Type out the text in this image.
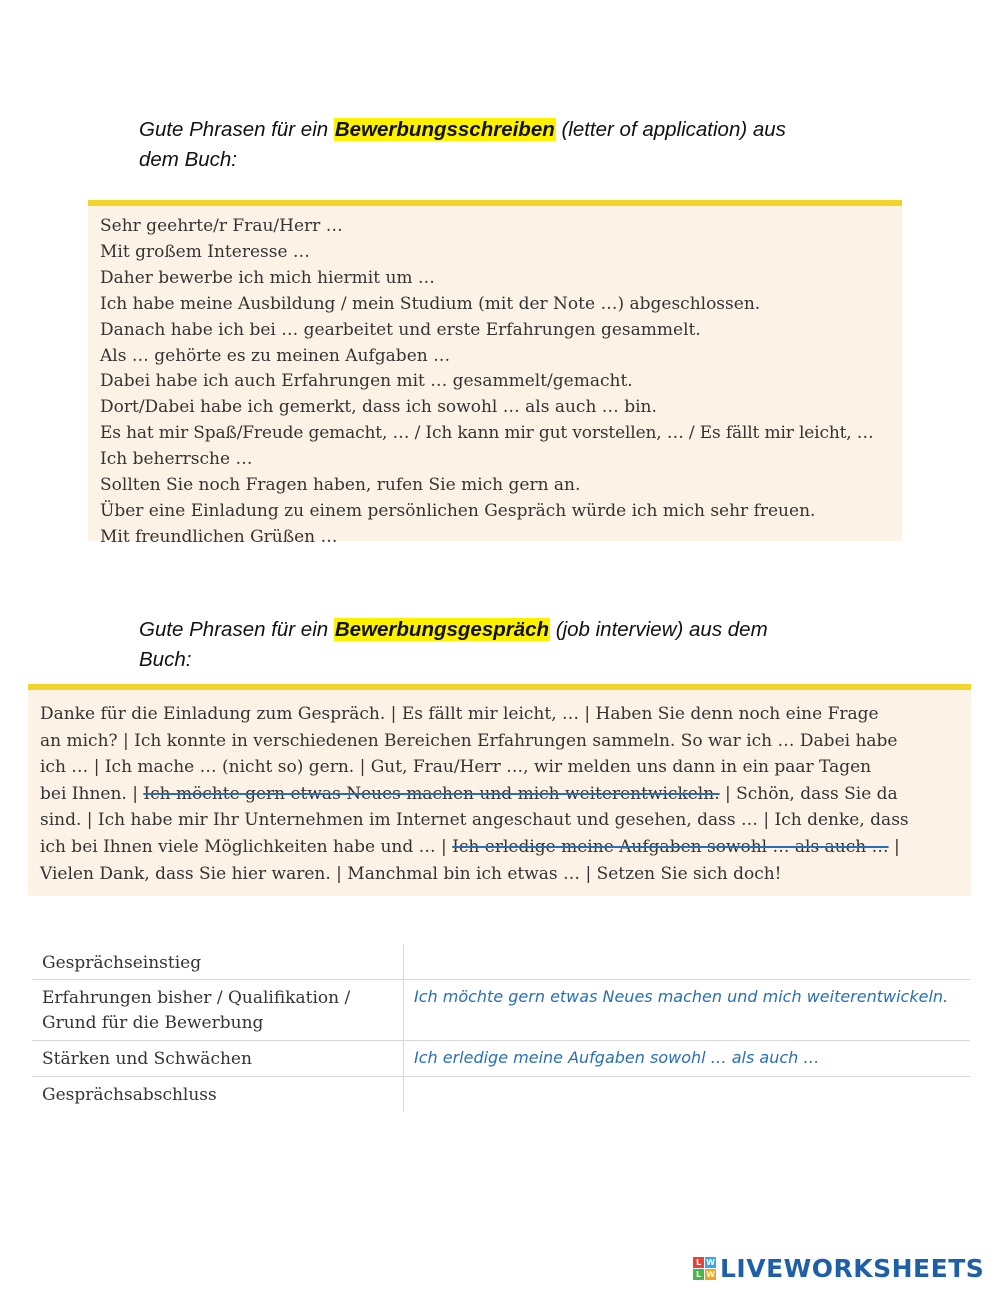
Gute Phrasen für ein Bewerbungsschreiben (letter of application) aus
dem Buch:
Sehr geehrte/r Frau/Herr …
Mit großem Interesse …
Daher bewerbe ich mich hiermit um …
Ich habe meine Ausbildung / mein Studium (mit der Note …) abgeschlossen.
Danach habe ich bei … gearbeitet und erste Erfahrungen gesammelt.
Als … gehörte es zu meinen Aufgaben …
Dabei habe ich auch Erfahrungen mit … gesammelt/gemacht.
Dort/Dabei habe ich gemerkt, dass ich sowohl … als auch … bin.
Es hat mir Spaß/Freude gemacht, … / Ich kann mir gut vorstellen, … / Es fällt mir leicht, …
Ich beherrsche …
Sollten Sie noch Fragen haben, rufen Sie mich gern an.
Über eine Einladung zu einem persönlichen Gespräch würde ich mich sehr freuen.
Mit freundlichen Grüßen …
Gute Phrasen für ein Bewerbungsgespräch (job interview) aus dem
Buch:
Danke für die Einladung zum Gespräch. | Es fällt mir leicht, … | Haben Sie denn noch eine Frage
an mich? | Ich konnte in verschiedenen Bereichen Erfahrungen sammeln. So war ich … Dabei habe
ich … | Ich mache … (nicht so) gern. | Gut, Frau/Herr …, wir melden uns dann in ein paar Tagen
bei Ihnen. | Ich möchte gern etwas Neues machen und mich weiterentwickeln. | Schön, dass Sie da
sind. | Ich habe mir Ihr Unternehmen im Internet angeschaut und gesehen, dass … | Ich denke, dass
ich bei Ihnen viele Möglichkeiten habe und … | Ich erledige meine Aufgaben sowohl … als auch … |
Vielen Dank, dass Sie hier waren. | Manchmal bin ich etwas … | Setzen Sie sich doch!
Gesprächseinstieg
Erfahrungen bisher / Qualifikation / Grund für die Bewerbung
Ich möchte gern etwas Neues machen und mich weiterentwickeln.
Stärken und Schwächen	Ich erledige meine Aufgaben sowohl … als auch …
Gesprächsabschluss
L W
L W LIVEWORKSHEETS
